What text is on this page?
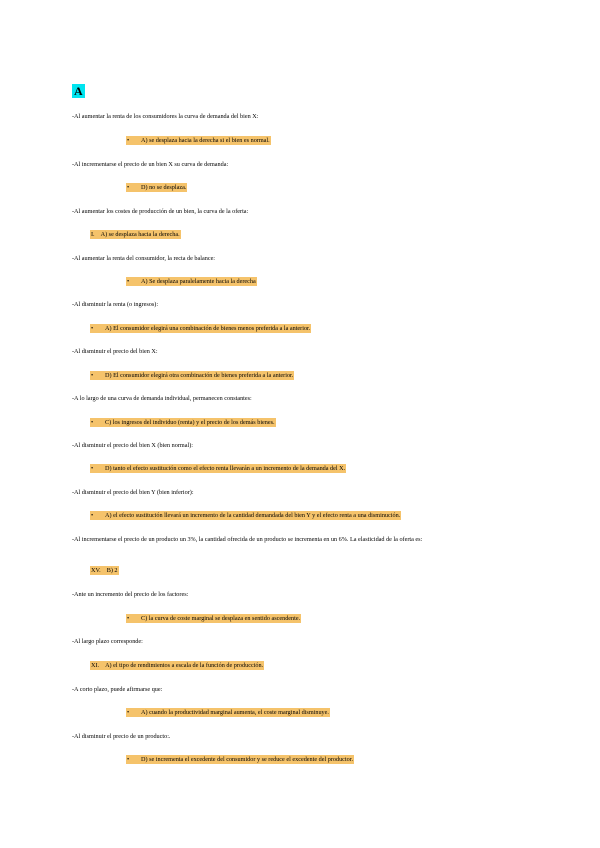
A
-Al aumentar la renta de los consumidores la curva de demanda del bien X:
• A) se desplaza hacia la derecha si el bien es normal.
-Al incrementarse el precio de un bien X su curva de demanda:
• D) no se desplaza.
-Al aumentar los costes de producción de un bien, la curva de la oferta:
I. A) se desplaza hacia la derecha.
-Al aumentar la renta del consumidor, la recta de balance:
• A) Se desplaza paralelamente hacia la derecha
-Al disminuir la renta (o ingresos):
• A) El consumidor elegirá una combinación de bienes menos preferida a la anterior.
-Al disminuir el precio del bien X:
• D) El consumidor elegirá otra combinación de bienes preferida a la anterior.
-A lo largo de una curva de demanda individual, permanecen constantes:
• C) los ingresos del individuo (renta) y el precio de los demás bienes.
-Al disminuir el precio del bien X (bien normal):
• D) tanto el efecto sustitución como el efecto renta llevarán a un incremento de la demanda del X.
-Al disminuir el precio del bien Y (bien inferior):
• A) el efecto sustitución llevará un incremento de la cantidad demandada del bien Y y el efecto renta a una disminución.
-Al incrementarse el precio de un producto un 3%, la cantidad ofrecida de un producto se incrementa en un 6%. La elasticidad de la oferta es:
XV. B) 2
-Ante un incremento del precio de los factores:
• C) la curva de coste marginal se desplaza en sentido ascendente.
-Al largo plazo corresponde:
XI. A) el tipo de rendimientos a escala de la función de producción.
-A corto plazo, puede afirmarse que:
• A) cuando la productividad marginal aumenta, el coste marginal disminuye.
-Al disminuir el precio de un producto:.
• D) se incrementa el excedente del consumidor y se reduce el excedente del productor.
